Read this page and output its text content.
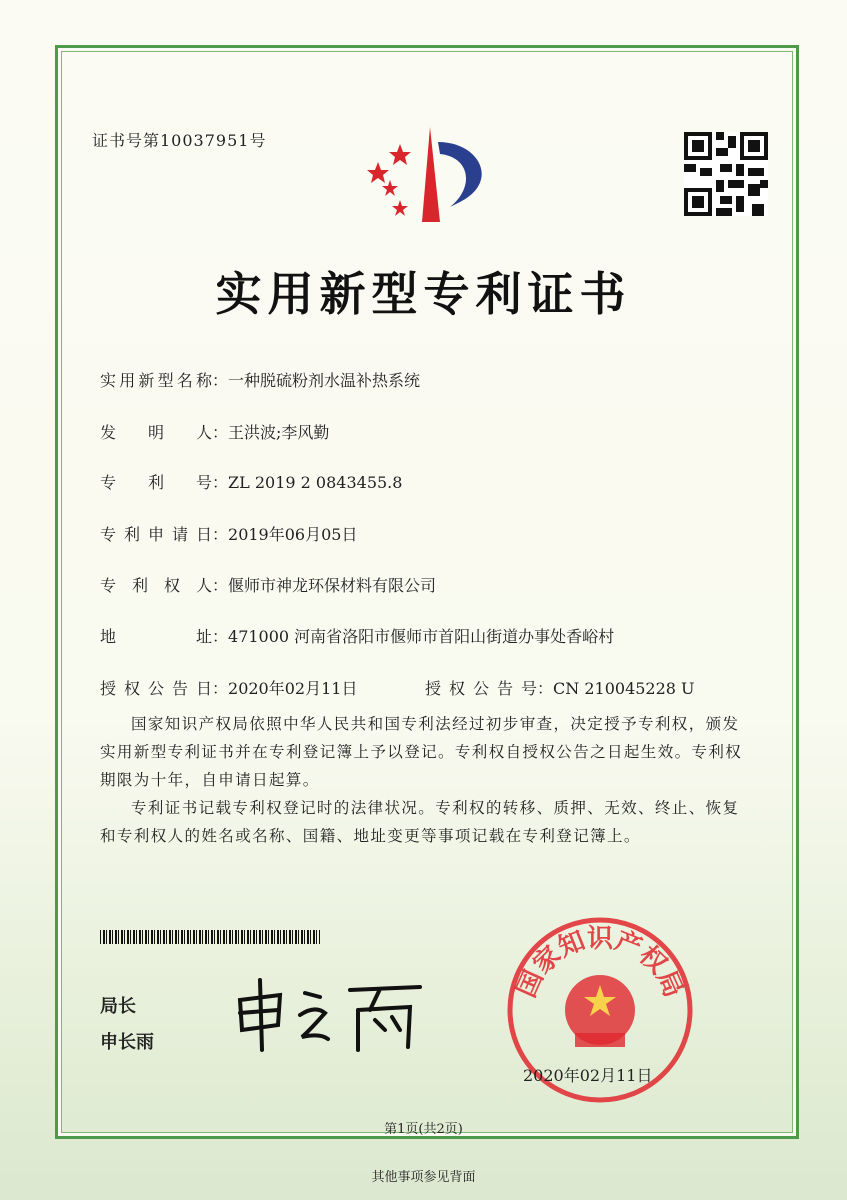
证书号第10037951号
实用新型专利证书
实用新型名称：一种脱硫粉剂水温补热系统
发明人：王洪波;李风勤
专利号：ZL 2019 2 0843455.8
专利申请日：2019年06月05日
专利权人：偃师市神龙环保材料有限公司
地址：471000 河南省洛阳市偃师市首阳山街道办事处香峪村
授权公告日：2020年02月11日	授权公告号：CN 210045228 U

国家知识产权局依照中华人民共和国专利法经过初步审查，决定授予专利权，颁发实用新型专利证书并在专利登记簿上予以登记。专利权自授权公告之日起生效。专利权期限为十年，自申请日起算。

专利证书记载专利权登记时的法律状况。专利权的转移、质押、无效、终止、恢复和专利权人的姓名或名称、国籍、地址变更等事项记载在专利登记簿上。

局长
申长雨
国家知识产权局
2020年02月11日
第1页(共2页)
其他事项参见背面
